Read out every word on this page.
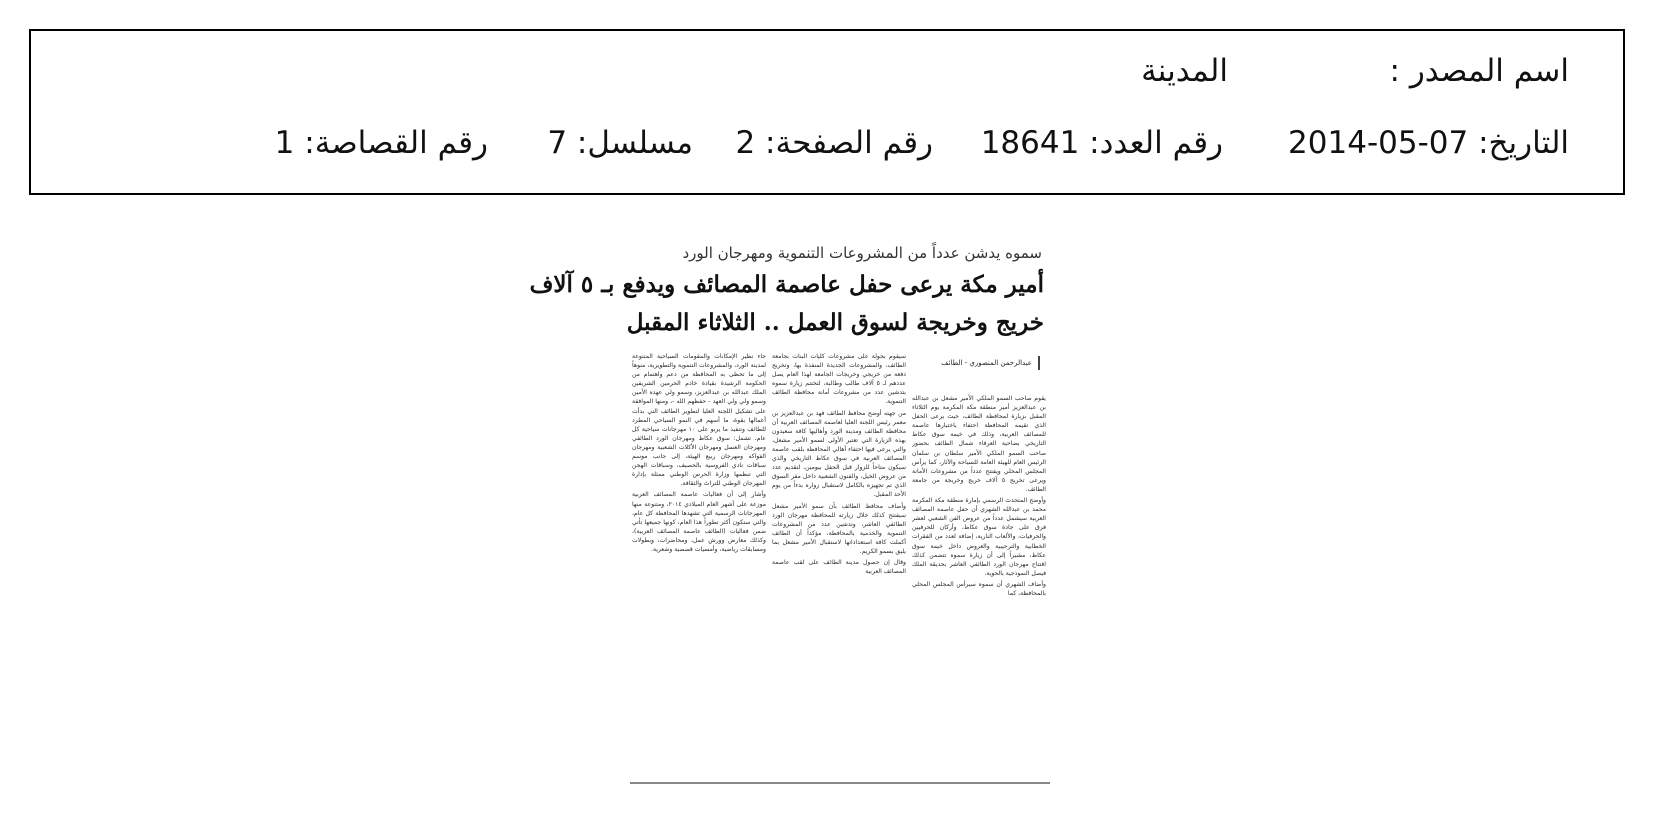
اسم المصدر :
المدينة
التاريخ: 07-05-2014
رقم العدد: 18641
رقم الصفحة: 2
مسلسل: 7
رقم القصاصة: 1
سموه يدشن عدداً من المشروعات التنموية ومهرجان الورد
أمير مكة يرعى حفل عاصمة المصائف ويدفع بـ ٥ آلاف
خريج وخريجة لسوق العمل .. الثلاثاء المقبل
عبدالرحمن المنصوري - الطائف

يقوم صاحب السمو الملكي الأمير مشعل بن عبدالله بن عبدالعزيز أمير منطقة مكة المكرمة يوم الثلاثاء المقبل بزيارة لمحافظة الطائف، حيث يرعى الحفل الذي تقيمه المحافظة احتفاء باختيارها عاصمة للمصائف العربية، وذلك في خيمة سوق عكاظ التاريخي بضاحية العرفاء شمال الطائف بحضور صاحب السمو الملكي الأمير سلطان بن سلمان الرئيس العام للهيئة العامة للسياحة والآثار، كما يرأس المجلس المحلي ويفتتح عدداً من مشروعات الأمانة ويرعى تخريج ٥ آلاف خريج وخريجة من جامعة الطائف.

وأوضح المتحدث الرسمي بإمارة منطقة مكة المكرمة محمد بن عبدالله الشهري أن حفل عاصمة المصائف العربية سيشمل عدداً من عروض الفن الشعبي لعشر فرق على جادة سوق عكاظ، وأركان للحرفيين والحرفيات، والألعاب النارية، إضافة لعدد من الفقرات الخطابية والترحيبية والعروض داخل خيمة سوق عكاظ، مشيراً إلى أن زيارة سموه تتضمن كذلك افتتاح مهرجان الورد الطائفي العاشر بحديقة الملك فيصل النموذجية بالحوية.

وأضاف الشهري أن سموه سيرأس المجلس المحلي بالمحافظة، كما

سيقوم بجولة على مشروعات كليات البنات بجامعة الطائف، والمشروعات الجديدة المنفذة بها، وتخريج دفعة من خريجي وخريجات الجامعة لهذا العام يصل عددهم لـ ٥ آلاف طالب وطالبة، لتختتم زيارة سموه بتدشين عدد من مشروعات أمانة محافظة الطائف التنموية.

من جهته أوضح محافظ الطائف فهد بن عبدالعزيز بن معمر رئيس اللجنة العليا لعاصمة المصائف العربية أن محافظة الطائف ومدينة الورد وأهاليها كافة سعيدون بهذه الزيارة التي تعتبر الأولى لسمو الأمير مشعل، والتي يرعى فيها احتفاء أهالي المحافظة بلقب عاصمة المصائف العربية في سوق عكاظ التاريخي والذي سيكون متاحاً للزوار قبل الحفل بيومين، لتقديم عدد من عروض الخيل، والفنون الشعبية داخل مقر السوق الذي تم تجهيزه بالكامل لاستقبال زواره بدءاً من يوم الأحد المقبل.

وأضاف محافظ الطائف بأن سمو الأمير مشعل سيفتتح كذلك خلال زيارته للمحافظة مهرجان الورد الطائفي العاشر، وتدشين عدد من المشروعات التنموية والخدمية بالمحافظة، مؤكداً أن الطائف أكملت كافة استعداداتها لاستقبال الأمير مشعل بما يليق بسمو الكريم.

وقال إن حصول مدينة الطائف على لقب عاصمة المصائف العربية

جاء نظير الإمكانات والمقومات السياحية المتنوعة لمدينة الورد، والمشروعات التنموية والتطويرية، منوهاً إلى ما تحظى به المحافظة من دعم واهتمام من الحكومة الرشيدة بقيادة خادم الحرمين الشريفين الملك عبدالله بن عبدالعزيز، وسمو ولي عهده الأمين وسمو ولي ولي العهد - حفظهم الله -، ومنها الموافقة على تشكيل اللجنة العليا لتطوير الطائف التي بدأت أعمالها بقوة، ما أسهم في النمو السياحي المطرد للطائف وتنفيذ ما يربو على ١٠ مهرجانات سياحية كل عام، تشمل: سوق عكاظ ومهرجان الورد الطائفي ومهرجان العسل ومهرجان الأكلات الشعبية ومهرجان الفواكه ومهرجان ربيع الهيئة، إلى جانب موسم سباقات نادي الفروسية بالحصيف، وسباقات الهجن التي تنظمها وزارة الحرس الوطني ممثلة بإدارة المهرجان الوطني للتراث والثقافة.

وأشار إلى أن فعاليات عاصمة المصائف العربية موزعة على أشهر العام الميلادي ٢٠١٤، ومتنوعة منها المهرجانات الرسمية التي تشهدها المحافظة كل عام، والتي ستكون أكثر تطوراً هذا العام، كونها جميعها تأتي ضمن فعاليات (الطائف عاصمة المصائف العربية)، وكذلك معارض وورش عمل، ومحاضرات، وبطولات ومسابقات رياضية، وأمسيات قصصية وشعرية.
